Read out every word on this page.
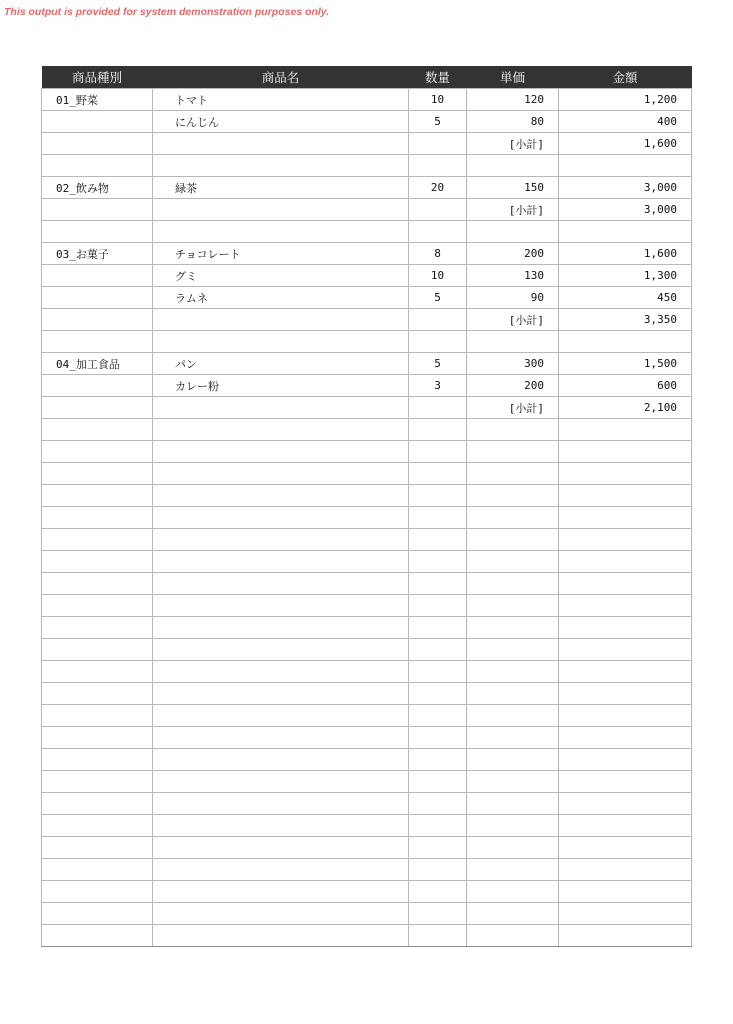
This output is provided for system demonstration purposes only.
商品種別	商品名	数量	単価	金額
01_野菜	トマト	10	120	1,200
	にんじん	5	80	400
			[小計]	1,600

02_飲み物	緑茶	20	150	3,000
			[小計]	3,000

03_お菓子	チョコレート	8	200	1,600
	グミ	10	130	1,300
	ラムネ	5	90	450
			[小計]	3,350

04_加工食品	パン	5	300	1,500
	カレー粉	3	200	600
			[小計]	2,100
